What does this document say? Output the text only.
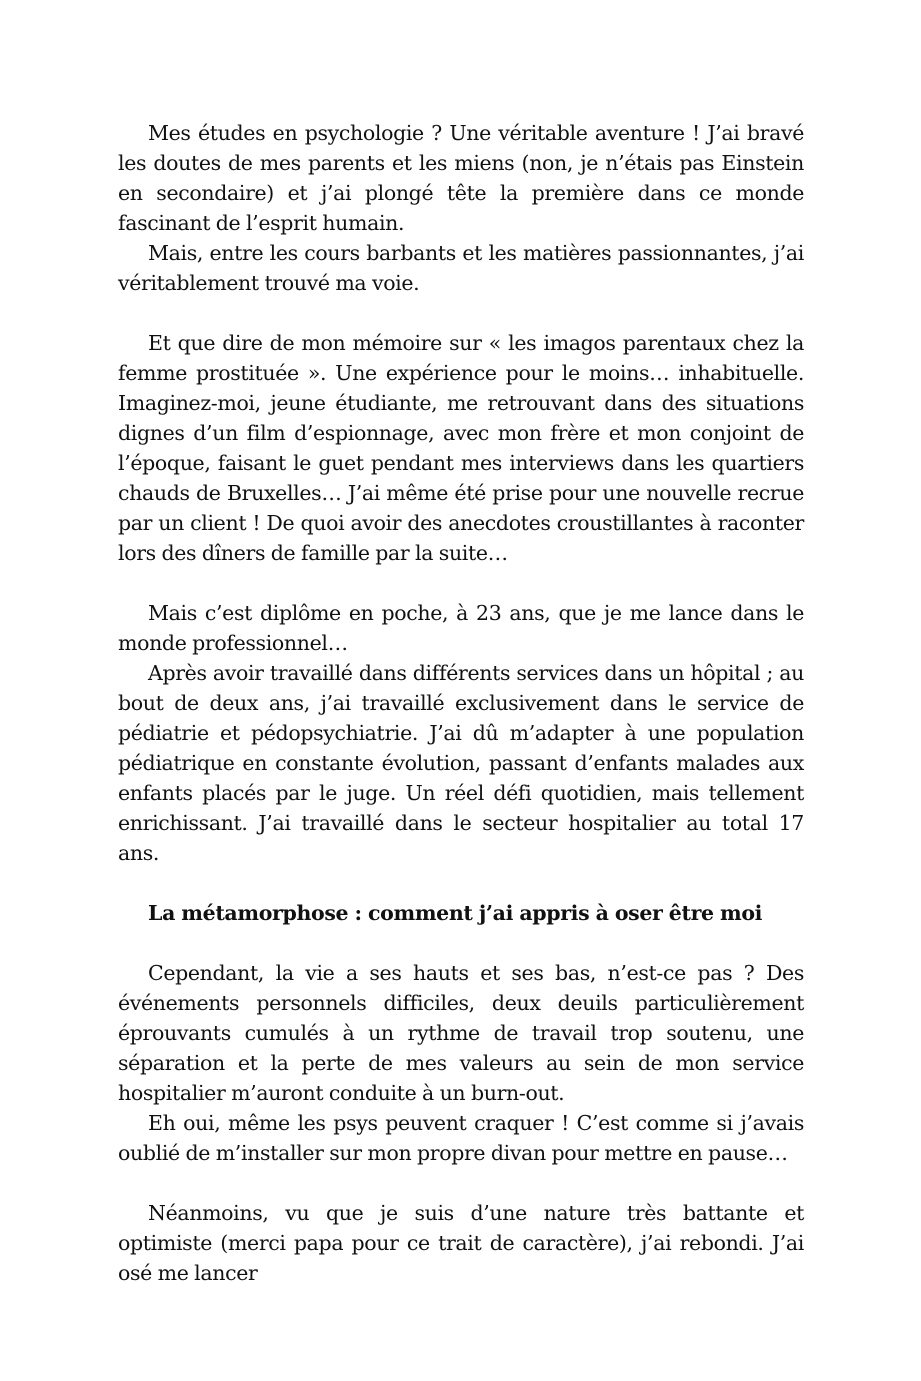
Mes études en psychologie ? Une véritable aventure ! J’ai bravé les doutes de mes parents et les miens (non, je n’étais pas Einstein en secondaire) et j’ai plongé tête la première dans ce monde fascinant de l’esprit humain.

Mais, entre les cours barbants et les matières passionnantes, j’ai véritablement trouvé ma voie.

Et que dire de mon mémoire sur « les imagos parentaux chez la femme prostituée ». Une expérience pour le moins… inhabituelle. Imaginez-moi, jeune étudiante, me retrouvant dans des situations dignes d’un film d’espionnage, avec mon frère et mon conjoint de l’époque, faisant le guet pendant mes interviews dans les quartiers chauds de Bruxelles… J’ai même été prise pour une nouvelle recrue par un client ! De quoi avoir des anecdotes croustillantes à raconter lors des dîners de famille par la suite…

Mais c’est diplôme en poche, à 23 ans, que je me lance dans le monde professionnel…

Après avoir travaillé dans différents services dans un hôpital ; au bout de deux ans, j’ai travaillé exclusivement dans le service de pédiatrie et pédopsychiatrie. J’ai dû m’adapter à une population pédiatrique en constante évolution, passant d’enfants malades aux enfants placés par le juge. Un réel défi quotidien, mais tellement enrichissant. J’ai travaillé dans le secteur hospitalier au total 17 ans.

La métamorphose : comment j’ai appris à oser être moi

Cependant, la vie a ses hauts et ses bas, n’est-ce pas ? Des événements personnels difficiles, deux deuils particulièrement éprouvants cumulés à un rythme de travail trop soutenu, une séparation et la perte de mes valeurs au sein de mon service hospitalier m’auront conduite à un burn-out.

Eh oui, même les psys peuvent craquer ! C’est comme si j’avais oublié de m’installer sur mon propre divan pour mettre en pause…

Néanmoins, vu que je suis d’une nature très battante et optimiste (merci papa pour ce trait de caractère), j’ai rebondi. J’ai osé me lancer
